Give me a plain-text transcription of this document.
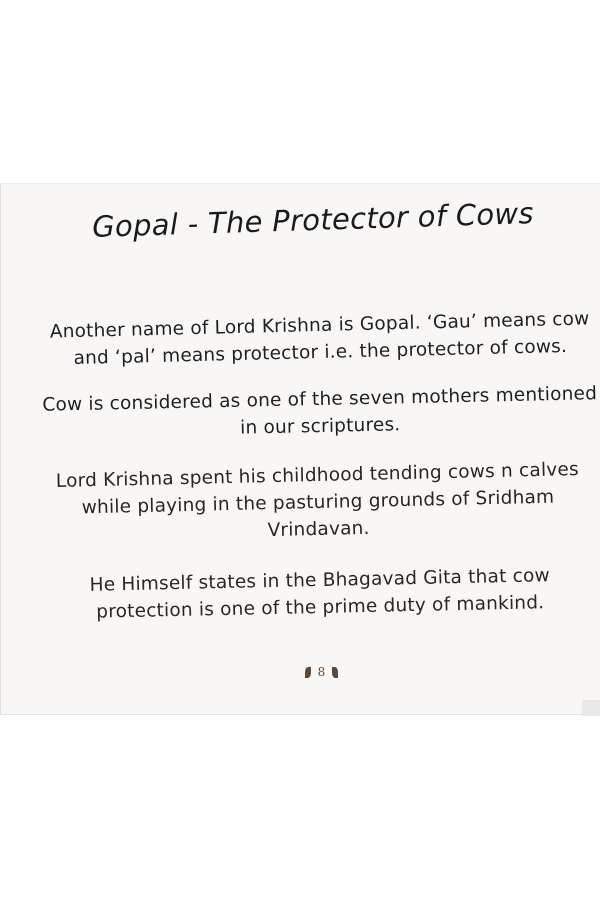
Gopal - The Protector of Cows
Another name of Lord Krishna is Gopal. ‘Gau’ means cow and ‘pal’ means protector i.e. the protector of cows.
Cow is considered as one of the seven mothers mentioned in our scriptures.
Lord Krishna spent his childhood tending cows n calves while playing in the pasturing grounds of Sridham Vrindavan.
He Himself states in the Bhagavad Gita that cow protection is one of the prime duty of mankind.
8
